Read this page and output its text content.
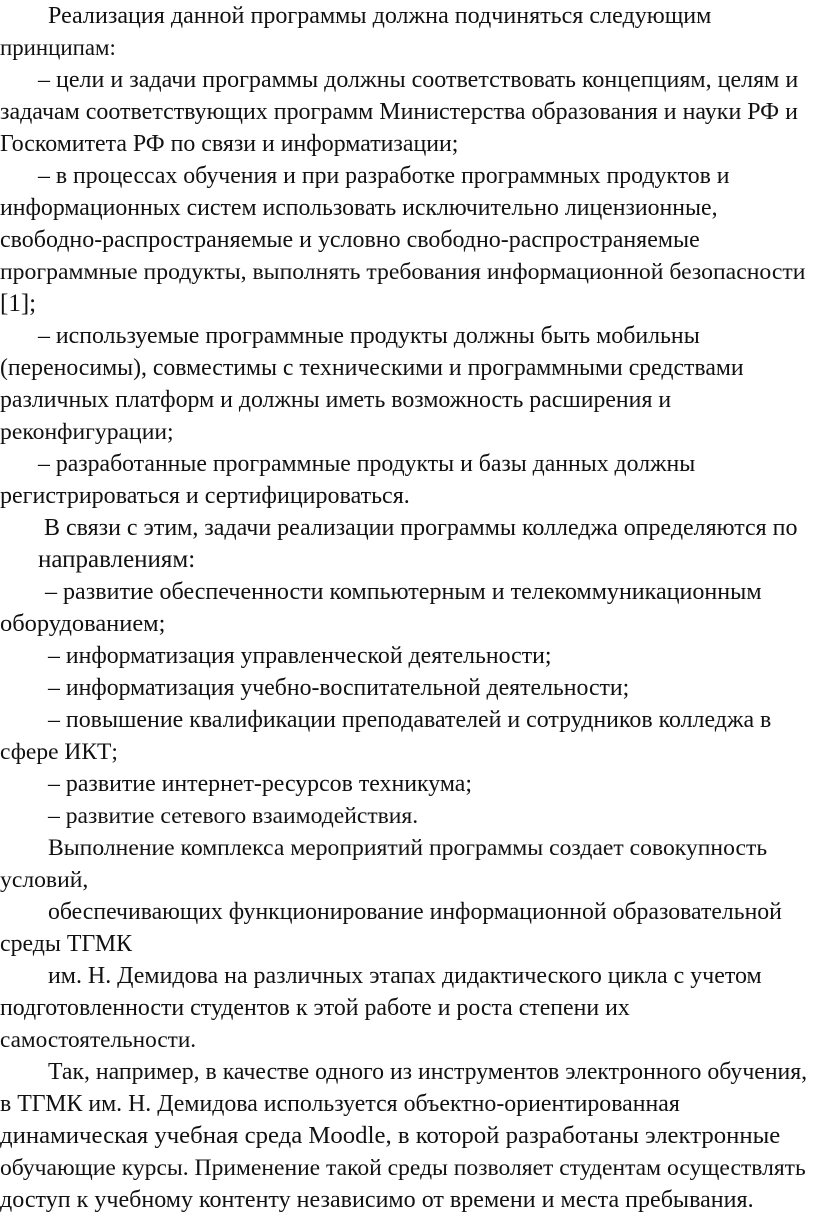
Реализация данной программы должна подчиняться следующим
принципам:
– цели и задачи программы должны соответствовать концепциям, целям и
задачам соответствующих программ Министерства образования и науки РФ и
Госкомитета РФ по связи и информатизации;
– в процессах обучения и при разработке программных продуктов и
информационных систем использовать исключительно лицензионные,
свободно-распространяемые и условно свободно-распространяемые
программные продукты, выполнять требования информационной безопасности
[1];
– используемые программные продукты должны быть мобильны
(переносимы), совместимы с техническими и программными средствами
различных платформ и должны иметь возможность расширения и
реконфигурации;
– разработанные программные продукты и базы данных должны
регистрироваться и сертифицироваться.
В связи с этим, задачи реализации программы колледжа определяются по
направлениям:
– развитие обеспеченности компьютерным и телекоммуникационным
оборудованием;
– информатизация управленческой деятельности;
– информатизация учебно-воспитательной деятельности;
– повышение квалификации преподавателей и сотрудников колледжа в
сфере ИКТ;
– развитие интернет-ресурсов техникума;
– развитие сетевого взаимодействия.
Выполнение комплекса мероприятий программы создает совокупность
условий,
обеспечивающих функционирование информационной образовательной
среды ТГМК
им. Н. Демидова на различных этапах дидактического цикла с учетом
подготовленности студентов к этой работе и роста степени их
самостоятельности.
Так, например, в качестве одного из инструментов электронного обучения,
в ТГМК им. Н. Демидова используется объектно-ориентированная
динамическая учебная среда Moodle, в которой разработаны электронные
обучающие курсы. Применение такой среды позволяет студентам осуществлять
доступ к учебному контенту независимо от времени и места пребывания.
